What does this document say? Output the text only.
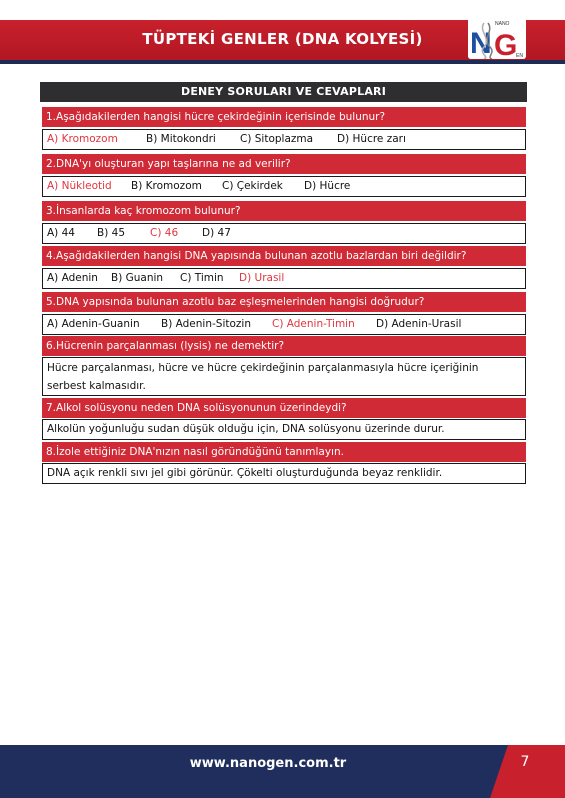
TÜPTEKİ GENLER (DNA KOLYESİ)	N G
NANO
EN
DENEY SORULARI VE CEVAPLARI
1.Aşağıdakilerden hangisi hücre çekirdeğinin içerisinde bulunur?
A) Kromozom	B) Mitokondri C) Sitoplazma D) Hücre zarı
2.DNA'yı oluşturan yapı taşlarına ne ad verilir?
A) Nükleotid B) Kromozom C) Çekirdek D) Hücre
3.İnsanlarda kaç kromozom bulunur?
A) 44 B) 45 C) 46 D) 47
4.Aşağıdakilerden hangisi DNA yapısında bulunan azotlu bazlardan biri değildir?
A) Adenin B) Guanin C) Timin D) Urasil
5.DNA yapısında bulunan azotlu baz eşleşmelerinden hangisi doğrudur?
A) Adenin-Guanin B) Adenin-Sitozin C) Adenin-Timin D) Adenin-Urasil
6.Hücrenin parçalanması (lysis) ne demektir?
Hücre parçalanması, hücre ve hücre çekirdeğinin parçalanmasıyla hücre içeriğinin serbest kalmasıdır.
7.Alkol solüsyonu neden DNA solüsyonunun üzerindeydi?
Alkolün yoğunluğu sudan düşük olduğu için, DNA solüsyonu üzerinde durur.
8.İzole ettiğiniz DNA'nızın nasıl göründüğünü tanımlayın.
DNA açık renkli sıvı jel gibi görünür. Çökelti oluşturduğunda beyaz renklidir.
www.nanogen.com.tr	7
